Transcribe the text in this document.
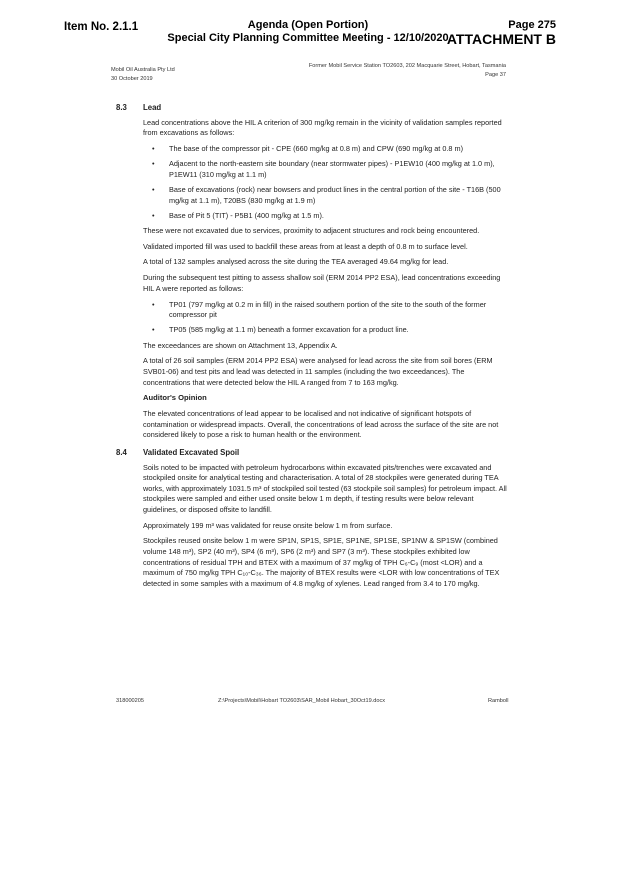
Item No. 2.1.1	Agenda (Open Portion)
Special City Planning Committee Meeting - 12/10/2020
Page 275
ATTACHMENT B
Mobil Oil Australia Pty Ltd
30 October 2019
Former Mobil Service Station TO2603, 202 Macquarie Street, Hobart, Tasmania
Page 37
8.3	Lead

Lead concentrations above the HIL A criterion of 300 mg/kg remain in the vicinity of validation samples reported from excavations as follows:

• The base of the compressor pit - CPE (660 mg/kg at 0.8 m) and CPW (690 mg/kg at 0.8 m)
• Adjacent to the north-eastern site boundary (near stormwater pipes) - P1EW10 (400 mg/kg at 1.0 m), P1EW11 (310 mg/kg at 1.1 m)
• Base of excavations (rock) near bowsers and product lines in the central portion of the site - T16B (500 mg/kg at 1.1 m), T20BS (830 mg/kg at 1.9 m)
• Base of Pit 5 (TIT) - P5B1 (400 mg/kg at 1.5 m).

These were not excavated due to services, proximity to adjacent structures and rock being encountered.

Validated imported fill was used to backfill these areas from at least a depth of 0.8 m to surface level.

A total of 132 samples analysed across the site during the TEA averaged 49.64 mg/kg for lead.

During the subsequent test pitting to assess shallow soil (ERM 2014 PP2 ESA), lead concentrations exceeding HIL A were reported as follows:

• TP01 (797 mg/kg at 0.2 m in fill) in the raised southern portion of the site to the south of the former compressor pit
• TP05 (585 mg/kg at 1.1 m) beneath a former excavation for a product line.

The exceedances are shown on Attachment 13, Appendix A.

A total of 26 soil samples (ERM 2014 PP2 ESA) were analysed for lead across the site from soil bores (ERM SVB01-06) and test pits and lead was detected in 11 samples (including the two exceedances). The concentrations that were detected below the HIL A ranged from 7 to 163 mg/kg.

Auditor's Opinion

The elevated concentrations of lead appear to be localised and not indicative of significant hotspots of contamination or widespread impacts. Overall, the concentrations of lead across the surface of the site are not considered likely to pose a risk to human health or the environment.

8.4	Validated Excavated Spoil

Soils noted to be impacted with petroleum hydrocarbons within excavated pits/trenches were excavated and stockpiled onsite for analytical testing and characterisation. A total of 28 stockpiles were generated during TEA works, with approximately 1031.5 m³ of stockpiled soil tested (63 stockpile soil samples) for petroleum impact. All stockpiles were sampled and either used onsite below 1 m depth, if testing results were below relevant guidelines, or disposed offsite to landfill.

Approximately 199 m³ was validated for reuse onsite below 1 m from surface.

Stockpiles reused onsite below 1 m were SP1N, SP1S, SP1E, SP1NE, SP1SE, SP1NW & SP1SW (combined volume 148 m³), SP2 (40 m³), SP4 (6 m³), SP6 (2 m³) and SP7 (3 m³). These stockpiles exhibited low concentrations of residual TPH and BTEX with a maximum of 37 mg/kg of TPH C₆-C₉ (most <LOR) and a maximum of 750 mg/kg TPH C₁₀-C₃₆. The majority of BTEX results were <LOR with low concentrations of TEX detected in some samples with a maximum of 4.8 mg/kg of xylenes. Lead ranged from 3.4 to 170 mg/kg.

318000205	Z:\Projects\Mobil\Hobart TO2603\SAR_Mobil Hobart_30Oct19.docx	Ramboll
